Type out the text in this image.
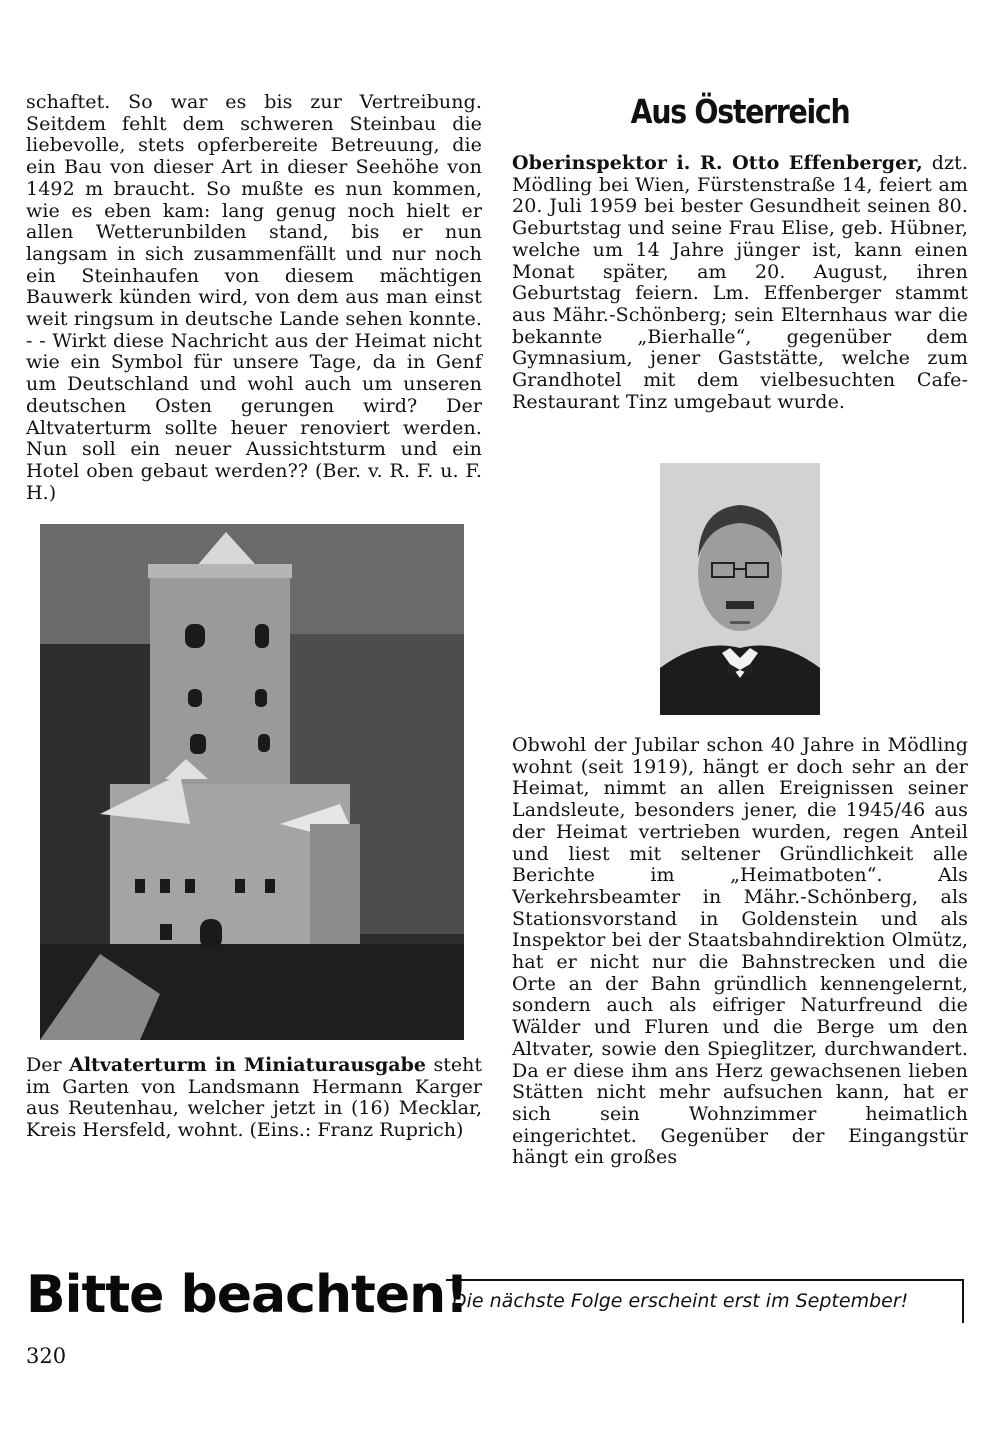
schaftet. So war es bis zur Vertreibung. Seitdem fehlt dem schweren Steinbau die liebevolle, stets opferbereite Betreuung, die ein Bau von dieser Art in dieser Seehöhe von 1492 m braucht. So mußte es nun kommen, wie es eben kam: lang genug noch hielt er allen Wetterunbilden stand, bis er nun langsam in sich zusammenfällt und nur noch ein Steinhaufen von diesem mächtigen Bauwerk künden wird, von dem aus man einst weit ringsum in deutsche Lande sehen konnte. - - Wirkt diese Nachricht aus der Heimat nicht wie ein Symbol für unsere Tage, da in Genf um Deutschland und wohl auch um unseren deutschen Osten gerungen wird? Der Altvaterturm sollte heuer renoviert werden. Nun soll ein neuer Aussichtsturm und ein Hotel oben gebaut werden?? (Ber. v. R. F. u. F. H.)

Der Altvaterturm in Miniaturausgabe steht im Garten von Landsmann Hermann Karger aus Reutenhau, welcher jetzt in (16) Mecklar, Kreis Hersfeld, wohnt. (Eins.: Franz Ruprich)

Aus Österreich

Oberinspektor i. R. Otto Effenberger, dzt. Mödling bei Wien, Fürstenstraße 14, feiert am 20. Juli 1959 bei bester Gesundheit seinen 80. Geburtstag und seine Frau Elise, geb. Hübner, welche um 14 Jahre jünger ist, kann einen Monat später, am 20. August, ihren Geburtstag feiern. Lm. Effenberger stammt aus Mähr.-Schönberg; sein Elternhaus war die bekannte „Bierhalle“, gegenüber dem Gymnasium, jener Gaststätte, welche zum Grandhotel mit dem vielbesuchten Cafe-Restaurant Tinz umgebaut wurde.

Obwohl der Jubilar schon 40 Jahre in Mödling wohnt (seit 1919), hängt er doch sehr an der Heimat, nimmt an allen Ereignissen seiner Landsleute, besonders jener, die 1945/46 aus der Heimat vertrieben wurden, regen Anteil und liest mit seltener Gründlichkeit alle Berichte im „Heimatboten“. Als Verkehrsbeamter in Mähr.-Schönberg, als Stationsvorstand in Goldenstein und als Inspektor bei der Staatsbahndirektion Olmütz, hat er nicht nur die Bahnstrecken und die Orte an der Bahn gründlich kennengelernt, sondern auch als eifriger Naturfreund die Wälder und Fluren und die Berge um den Altvater, sowie den Spieglitzer, durchwandert. Da er diese ihm ans Herz gewachsenen lieben Stätten nicht mehr aufsuchen kann, hat er sich sein Wohnzimmer heimatlich eingerichtet. Gegenüber der Eingangstür hängt ein großes

Bitte beachten!
Die nächste Folge erscheint erst im September!
320
